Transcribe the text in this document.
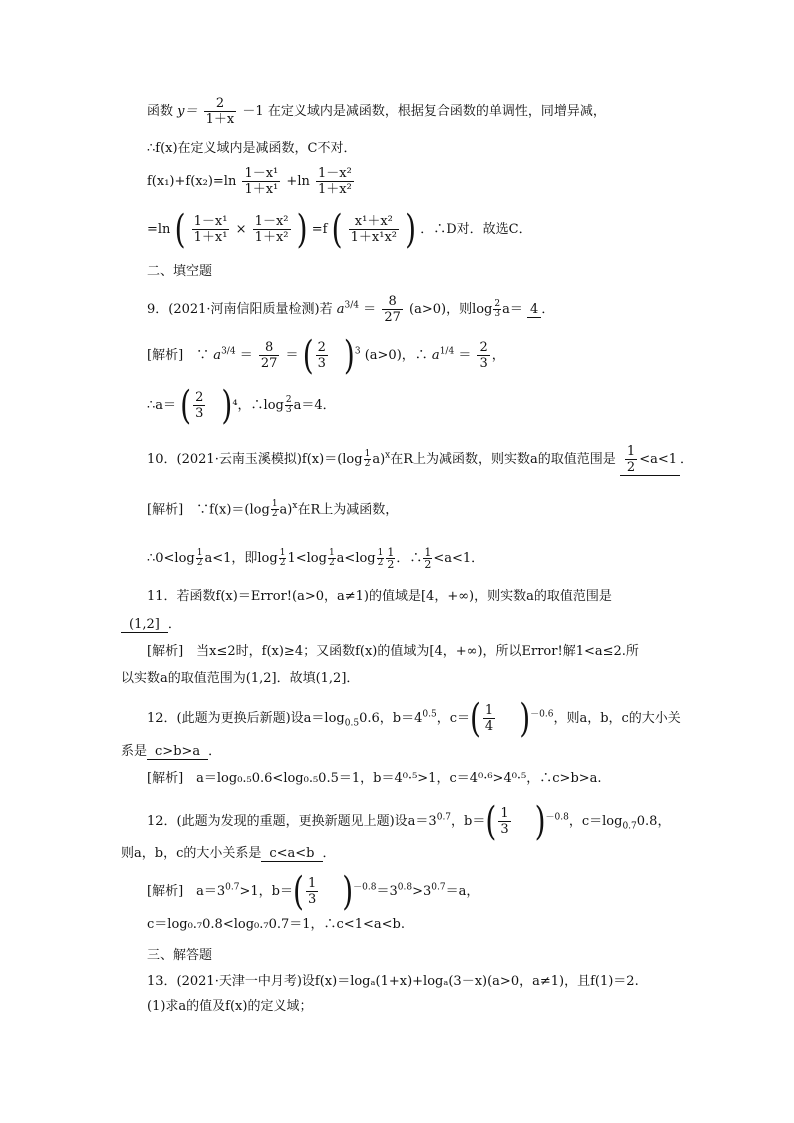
函数 $y= \frac{2}{1+x} -1$ 在定义域内是减函数，根据复合函数的单调性，同增异减，
∴f(x)在定义域内是减函数，C不对．
$f(x_1)+f(x_2)=\ln \frac{\text{1－x¹}}{\text{1＋x¹}} +\ln \frac{\text{1－x²}}{\text{1＋x²}}$
=ln ( $\frac{\text{1－x¹}}{\text{1＋x¹}} \times \frac{\text{1－x²}}{\text{1＋x²}}$ ) =f ( $\frac{\text{x¹＋x²}}{\text{1＋x¹x²}}$ ) ．∴D对．故选C．
二、填空题
9．(2021·河南信阳质量检测)若 $a^{3/4} = \frac{8}{27} (a>0)$，则$\log \frac{2}{3} a= 4$ ．
[解析]　∵ $a^{3/4} = \frac{8}{27}$ ＝ ( $\frac{2}{3} )^3$ (a>0)，∴ $a^{1/4} = \frac{2}{3}$ ，
∴a＝ ( $\frac{2}{3} )^4$，∴log $\frac{2}{3} a=4$．
10．(2021·云南玉溪模拟)$f(x)=(\log \frac{1}{2} a)^x$在R上为减函数，则实数a的取值范围是 $\frac{1}{2} <a<1$ ．
[解析]　∵f(x)＝(log $\frac{1}{2} a)^x$在R上为减函数，
∴0<log $\frac{1}{2} a<1$，即$\log \frac{1}{2} 1<\log \frac{1}{2} a<\log \frac{1}{2} \frac{1}{2}$ ．∴ $\frac{1}{2} <a<1$．
11．若函数f(x)＝Error!(a>0，a≠1)的值域是[4，+∞)，则实数a的取值范围是
(1,2] ．
[解析]　当x≤2时，f(x)≥4；又函数f(x)的值域为[4，+∞)，所以Error!解1<a≤2.所
以实数a的取值范围为(1,2]．故填(1,2]．
12．(此题为更换后新题)设$a=\log_{0.5}0.6$，$b=4^{0.5}$，$c=( \frac{1}{4} )^{-0.6}$，则a，b，c的大小关
系是 c>b>a ．
[解析]　a＝log₀.₅0.6<log₀.₅0.5＝1，b＝4⁰·⁵>1，c＝4⁰·⁶>4⁰·⁵，∴c>b>a.
12．(此题为发现的重题，更换新题见上题)设$a=3^{0.7}$，$b=( \frac{1}{3} )^{-0.8}$，$c=\log_{0.7}0.8$，
则a，b，c的大小关系是 c<a<b ．
[解析]　$a=3^{0.7}>1$，$b=( \frac{1}{3} )^{-0.8}=3^{0.8}>3^{0.7}=a$，
c＝log₀.₇0.8<log₀.₇0.7＝1，∴c<1<a<b.
三、解答题
13．(2021·天津一中月考)设f(x)＝logₐ(1+x)+logₐ(3－x)(a>0，a≠1)，且f(1)＝2.
(1)求a的值及f(x)的定义域；
